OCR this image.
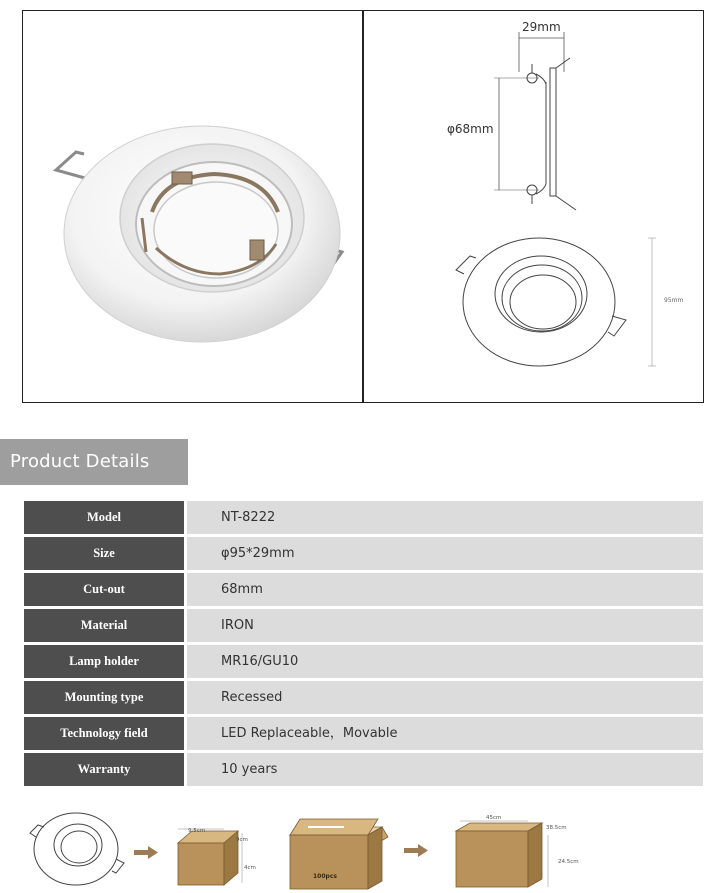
29mm
φ68mm
95mm
Product Details
Model	NT-8222
Size	φ95*29mm
Cut-out	68mm
Material	IRON
Lamp holder	MR16/GU10
Mounting type	Recessed
Technology field	LED Replaceable，Movable
Warranty	10 years
9.5cm
9cm
4cm
100pcs
45cm
38.5cm
24.5cm
